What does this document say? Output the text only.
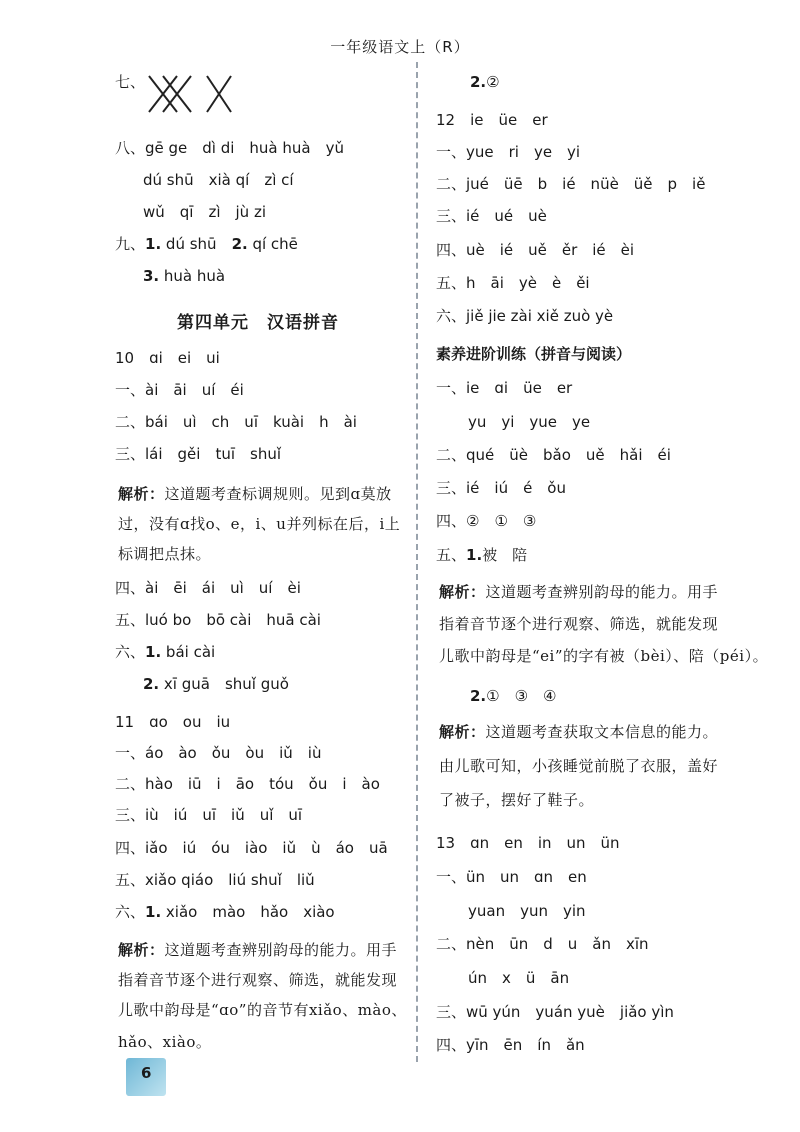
一年级语文上（R）
七、
八、gē ge　dì di　huà huà　yǔ
dú shū　xià qí　zì cí
wǔ　qī　zì　jù zi
九、1. dú shū　2. qí chē
3. huà huà
第四单元　汉语拼音
10　ɑi　ei　ui
一、ài　āi　uí　éi
二、bái　uì　ch　uī　kuài　h　ài
三、lái　gěi　tuī　shuǐ
解析：这道题考查标调规则。见到ɑ莫放
过，没有ɑ找o、e，i、u并列标在后，i上
标调把点抹。
四、ài　ēi　ái　uì　uí　èi
五、luó bo　bō cài　huā cài
六、1. bái cài
2. xī guā　shuǐ guǒ
11　ɑo　ou　iu
一、áo　ào　ǒu　òu　iǔ　iù
二、hào　iū　i　āo　tóu　ǒu　i　ào
三、iù　iú　uī　iǔ　uǐ　uī
四、iǎo　iú　óu　iào　iǔ　ù　áo　uā
五、xiǎo qiáo　liú shuǐ　liǔ
六、1. xiǎo　mào　hǎo　xiào
解析：这道题考查辨别韵母的能力。用手
指着音节逐个进行观察、筛选，就能发现
儿歌中韵母是“ɑo”的音节有xiǎo、mào、
hǎo、xiào。
2.②
12　ie　üe　er
一、yue　ri　ye　yi
二、jué　üē　b　ié　nüè　üě　p　iě
三、ié　ué　uè
四、uè　ié　uě　ěr　ié　èi
五、h　āi　yè　è　ěi
六、jiě jie zài xiě zuò yè
素养进阶训练（拼音与阅读）
一、ie　ɑi　üe　er
yu　yi　yue　ye
二、qué　üè　bǎo　uě　hǎi　éi
三、ié　iú　é　ǒu
四、②　①　③
五、1.被　陪
解析：这道题考查辨别韵母的能力。用手
指着音节逐个进行观察、筛选，就能发现
儿歌中韵母是“ei”的字有被（bèi）、陪（péi）。
2.①　③　④
解析：这道题考查获取文本信息的能力。
由儿歌可知，小孩睡觉前脱了衣服，盖好
了被子，摆好了鞋子。
13　ɑn　en　in　un　ün
一、ün　un　ɑn　en
yuan　yun　yin
二、nèn　ūn　d　u　ǎn　xīn
ún　x　ü　ān
三、wū yún　yuán yuè　jiǎo yìn
四、yīn　ēn　ín　ǎn
6
